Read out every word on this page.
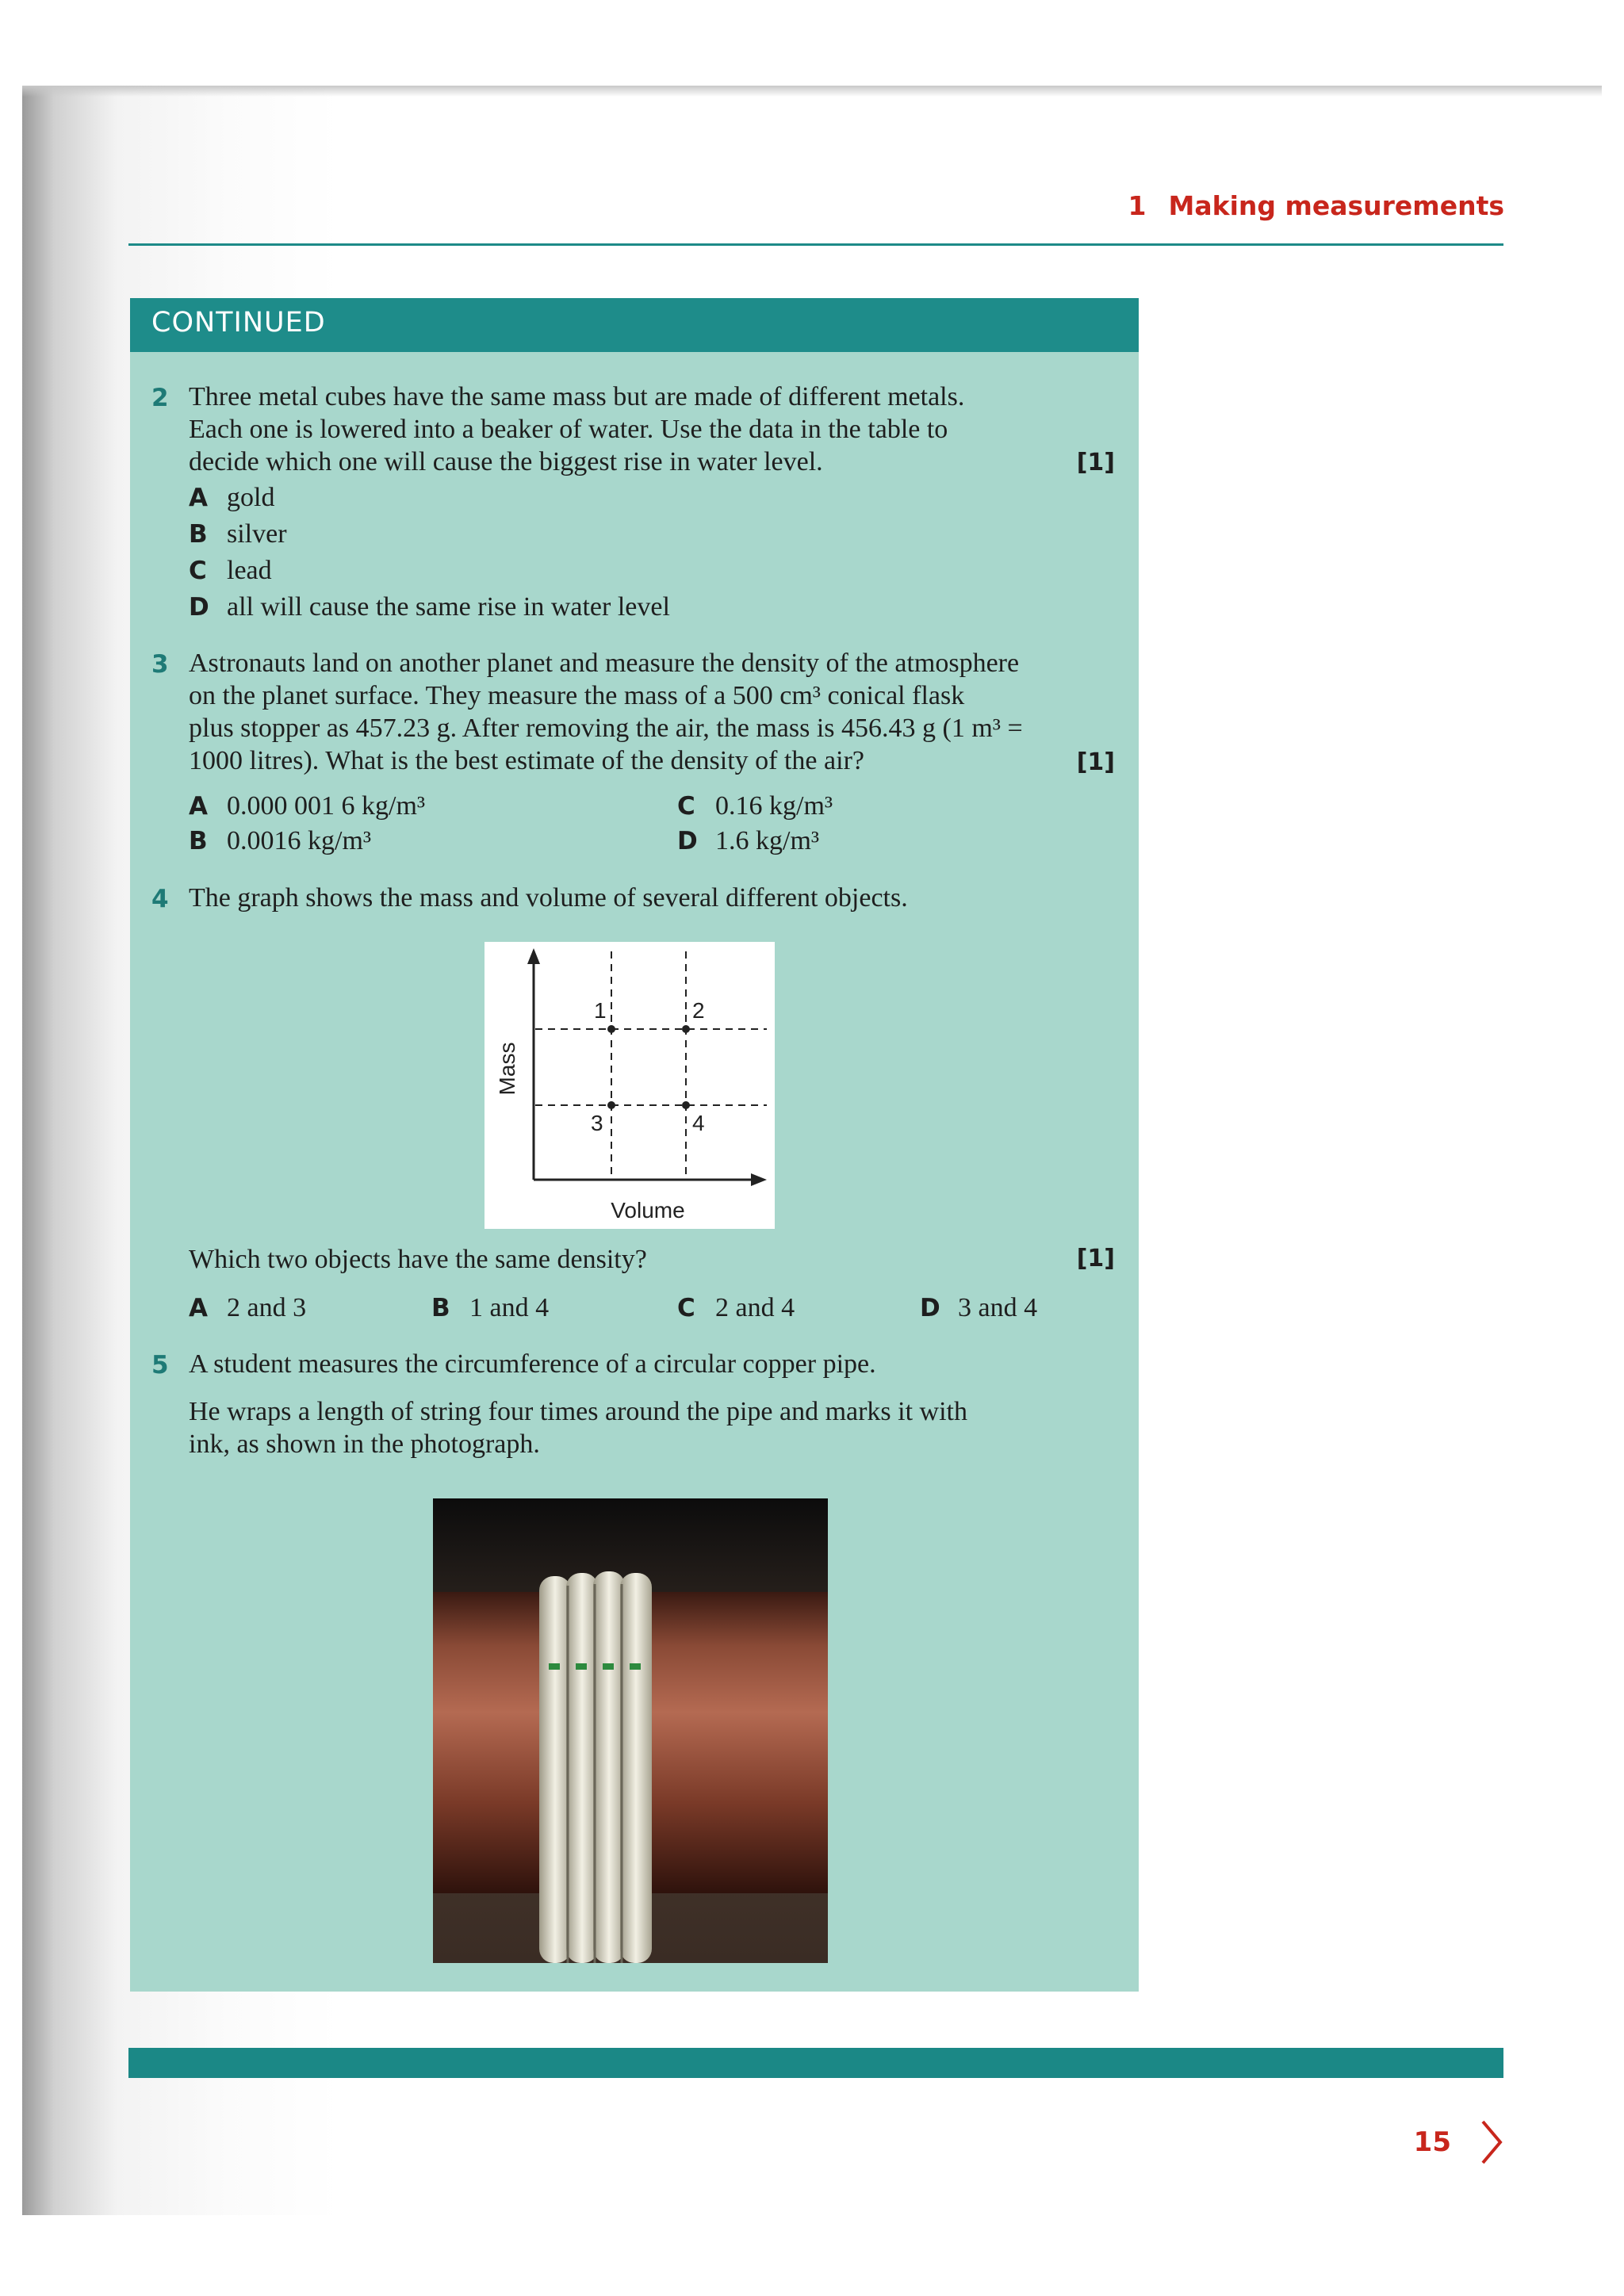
1 Making measurements
CONTINUED
2 Three metal cubes have the same mass but are made of different metals.
Each one is lowered into a beaker of water. Use the data in the table to
decide which one will cause the biggest rise in water level.	[1]
A gold
B silver
C lead
D all will cause the same rise in water level
3 Astronauts land on another planet and measure the density of the atmosphere
on the planet surface. They measure the mass of a 500 cm³ conical flask
plus stopper as 457.23 g. After removing the air, the mass is 456.43 g (1 m³ =
1000 litres). What is the best estimate of the density of the air?	[1]
A 0.000 001 6 kg/m³
B 0.0016 kg/m³
C 0.16 kg/m³
D 1.6 kg/m³
4 The graph shows the mass and volume of several different objects.
1	2
3	4
Mass
Volume
Which two objects have the same density?	[1]
A 2 and 3	B 1 and 4	C 2 and 4	D 3 and 4
5 A student measures the circumference of a circular copper pipe.
He wraps a length of string four times around the pipe and marks it with
ink, as shown in the photograph.
15
